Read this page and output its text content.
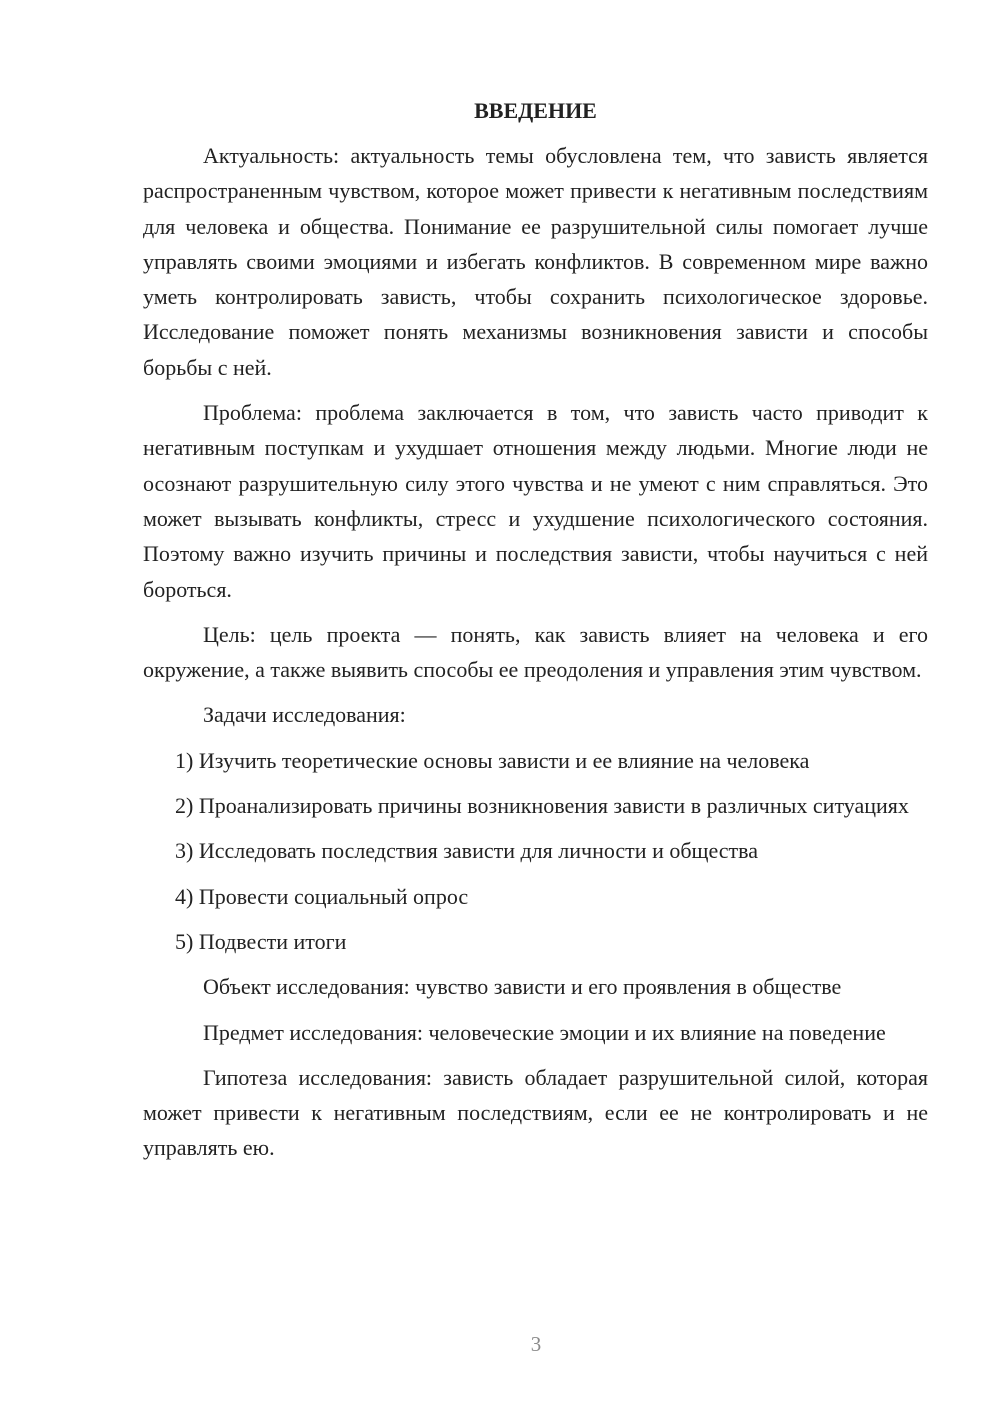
ВВЕДЕНИЕ

Актуальность: актуальность темы обусловлена тем, что зависть является распространенным чувством, которое может привести к негативным последствиям для человека и общества. Понимание ее разрушительной силы помогает лучше управлять своими эмоциями и избегать конфликтов. В современном мире важно уметь контролировать зависть, чтобы сохранить психологическое здоровье. Исследование поможет понять механизмы возникновения зависти и способы борьбы с ней.

Проблема: проблема заключается в том, что зависть часто приводит к негативным поступкам и ухудшает отношения между людьми. Многие люди не осознают разрушительную силу этого чувства и не умеют с ним справляться. Это может вызывать конфликты, стресс и ухудшение психологического состояния. Поэтому важно изучить причины и последствия зависти, чтобы научиться с ней бороться.

Цель: цель проекта — понять, как зависть влияет на человека и его окружение, а также выявить способы ее преодоления и управления этим чувством.

Задачи исследования:

1) Изучить теоретические основы зависти и ее влияние на человека

2) Проанализировать причины возникновения зависти в различных ситуациях

3) Исследовать последствия зависти для личности и общества

4) Провести социальный опрос

5) Подвести итоги

Объект исследования: чувство зависти и его проявления в обществе

Предмет исследования: человеческие эмоции и их влияние на поведение

Гипотеза исследования: зависть обладает разрушительной силой, которая может привести к негативным последствиям, если ее не контролировать и не управлять ею.

3
